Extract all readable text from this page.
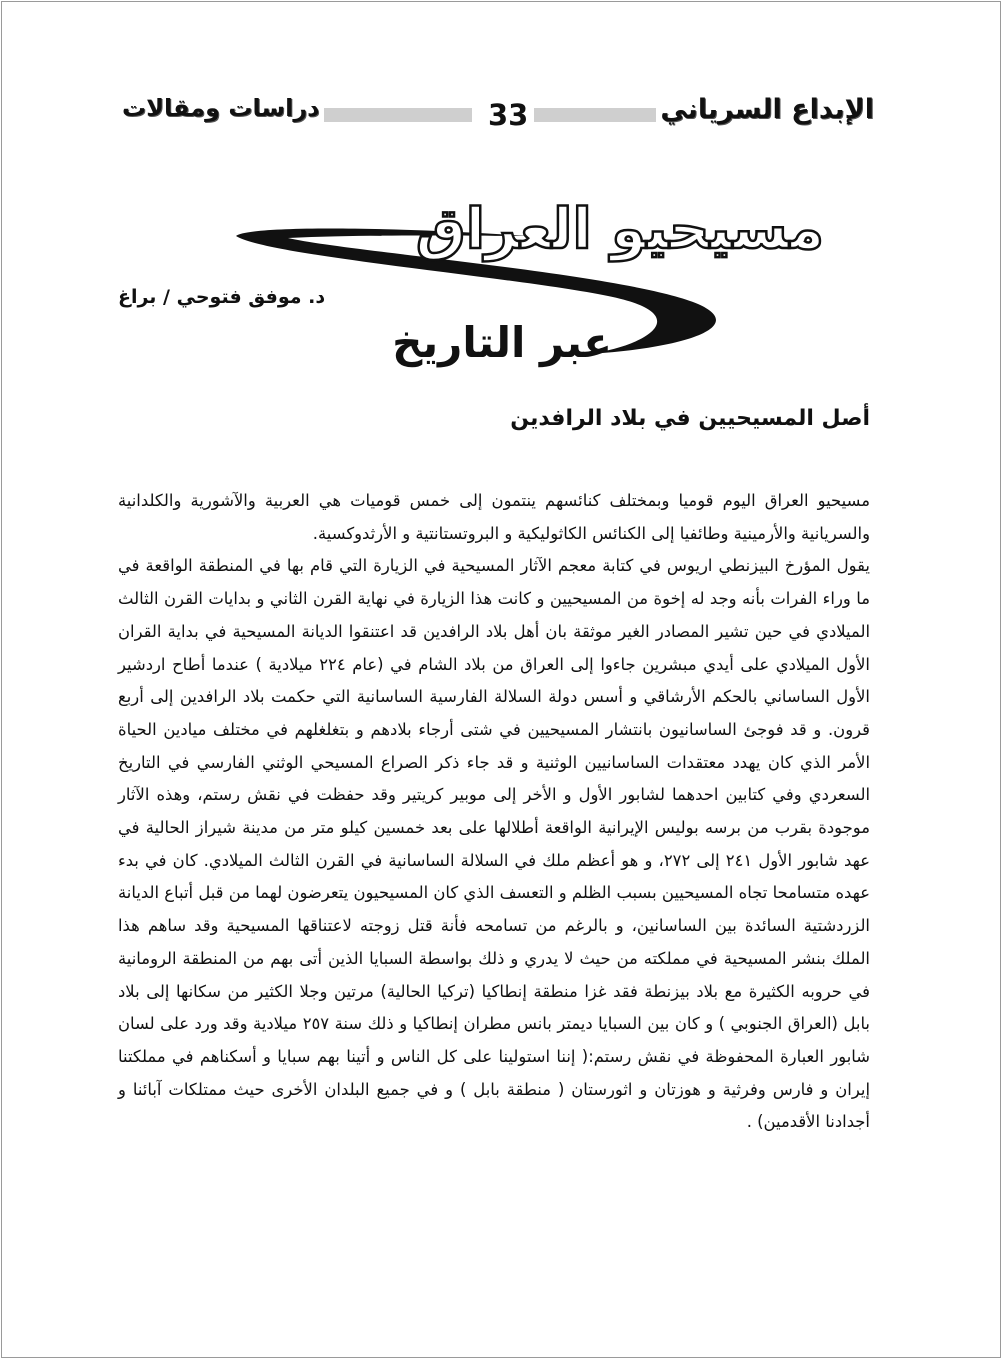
دراسات ومقالات	33	الإبداع السرياني
مسيحيو العراق
عبر التاريخ
د. موفق فتوحي / براغ
أصل المسيحيين في بلاد الرافدين

مسيحيو العراق اليوم قوميا وبمختلف كنائسهم ينتمون إلى خمس قوميات هي العربية والآشورية والكلدانية والسريانية والأرمينية وطائفيا إلى الكنائس الكاثوليكية و البروتستانتية و الأرثدوكسية.

يقول المؤرخ البيزنطي اريوس في كتابة معجم الآثار المسيحية في الزيارة التي قام بها في المنطقة الواقعة في ما وراء الفرات بأنه وجد له إخوة من المسيحيين و كانت هذا الزيارة في نهاية القرن الثاني و بدايات القرن الثالث الميلادي في حين تشير المصادر الغير موثقة بان أهل بلاد الرافدين قد اعتنقوا الديانة المسيحية في بداية القران الأول الميلادي على أيدي مبشرين جاءوا إلى العراق من بلاد الشام في (عام ٢٢٤ ميلادية ) عندما أطاح اردشير الأول الساساني بالحكم الأرشاقي و أسس دولة السلالة الفارسية الساسانية التي حكمت بلاد الرافدين إلى أربع قرون. و قد فوجئ الساسانيون بانتشار المسيحيين في شتى أرجاء بلادهم و بتغلغلهم في مختلف ميادين الحياة الأمر الذي كان يهدد معتقدات الساسانيين الوثنية و قد جاء ذكر الصراع المسيحي الوثني الفارسي في التاريخ السعردي وفي كتابين احدهما لشابور الأول و الأخر إلى موبير كريتير وقد حفظت في نقش رستم، وهذه الآثار موجودة بقرب من برسه بوليس الإيرانية الواقعة أطلالها على بعد خمسين كيلو متر من مدينة شيراز الحالية في عهد شابور الأول ٢٤١ إلى ٢٧٢، و هو أعظم ملك في السلالة الساسانية في القرن الثالث الميلادي. كان في بدء عهده متسامحا تجاه المسيحيين بسبب الظلم و التعسف الذي كان المسيحيون يتعرضون لهما من قبل أتباع الديانة الزردشتية السائدة بين الساسانين، و بالرغم من تسامحه فأنة قتل زوجته لاعتناقها المسيحية وقد ساهم هذا الملك بنشر المسيحية في مملكته من حيث لا يدري و ذلك بواسطة السبايا الذين أتى بهم من المنطقة الرومانية في حروبه الكثيرة مع بلاد بيزنطة فقد غزا منطقة إنطاكيا (تركيا الحالية) مرتين وجلا الكثير من سكانها إلى بلاد بابل (العراق الجنوبي ) و كان بين السبايا ديمتر بانس مطران إنطاكيا و ذلك سنة ٢٥٧ ميلادية وقد ورد على لسان شابور العبارة المحفوظة في نقش رستم:( إننا استولينا على كل الناس و أتينا بهم سبايا و أسكناهم في مملكتنا إيران و فارس وفرثية و هوزتان و اثورستان ( منطقة بابل ) و في جميع البلدان الأخرى حيث ممتلكات آبائنا و أجدادنا الأقدمين) .
